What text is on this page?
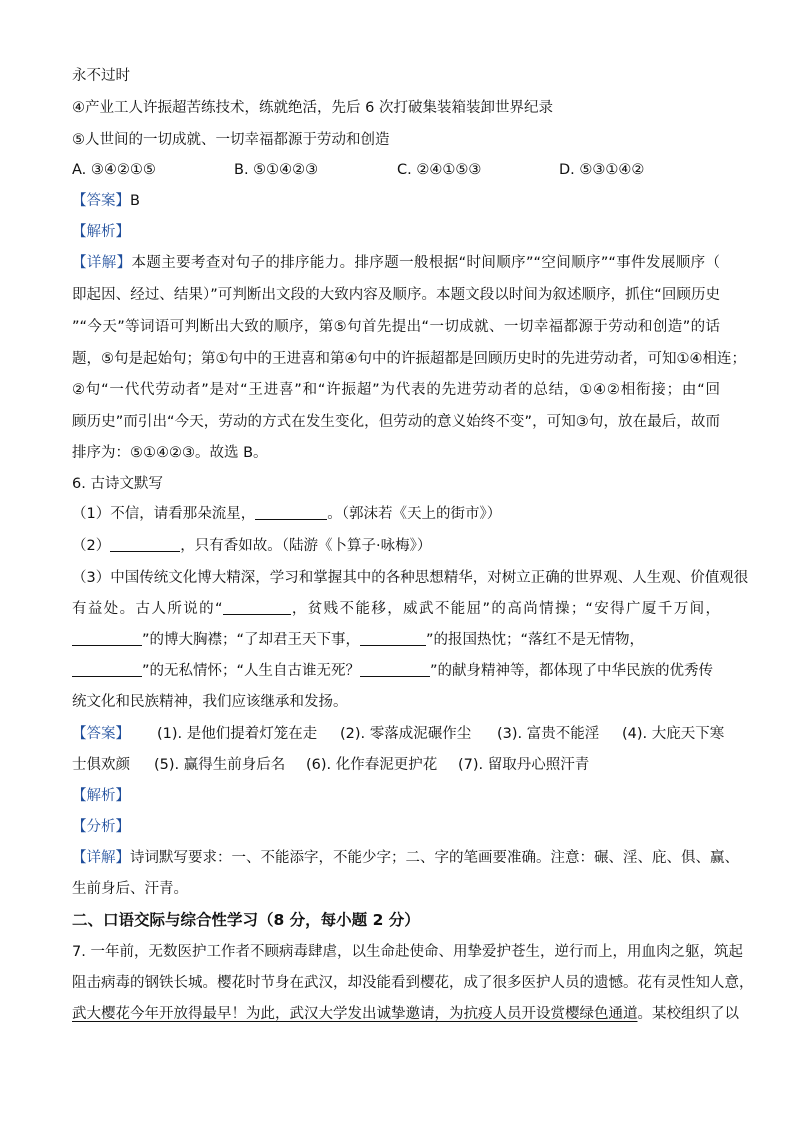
永不过时
④产业工人许振超苦练技术，练就绝活，先后 6 次打破集装箱装卸世界纪录
⑤人世间的一切成就、一切幸福都源于劳动和创造
A. ③④②①⑤	B. ⑤①④②③	C. ②④①⑤③	D. ⑤③①④②
【答案】B
【解析】
【详解】本题主要考查对句子的排序能力。排序题一般根据“时间顺序”“空间顺序”“事件发展顺序（
即起因、经过、结果）”可判断出文段的大致内容及顺序。本题文段以时间为叙述顺序，抓住“回顾历史
”“今天”等词语可判断出大致的顺序，第⑤句首先提出“一切成就、一切幸福都源于劳动和创造”的话
题，⑤句是起始句；第①句中的王进喜和第④句中的许振超都是回顾历史时的先进劳动者，可知①④相连；
②句“一代代劳动者”是对“王进喜”和“许振超”为代表的先进劳动者的总结，①④②相衔接；由“回
顾历史”而引出“今天，劳动的方式在发生变化，但劳动的意义始终不变”，可知③句，放在最后，故而
排序为：⑤①④②③。故选 B。
6. 古诗文默写
（1）不信，请看那朵流星，	。（郭沫若《天上的街市》）
（2）	，只有香如故。（陆游《卜算子·咏梅》）
（3）中国传统文化博大精深，学习和掌握其中的各种思想精华，对树立正确的世界观、人生观、价值观很
有益处。古人所说的“	，贫贱不能移，威武不能屈”的高尚情操；“安得广厦千万间，
”的博大胸襟；“了却君王天下事，	”的报国热忱；“落红不是无情物，
”的无私情怀；“人生自古谁无死？	”的献身精神等，都体现了中华民族的优秀传
统文化和民族精神，我们应该继承和发扬。
【答案】 (1). 是他们提着灯笼在走 (2). 零落成泥碾作尘 (3). 富贵不能淫 (4). 大庇天下寒
士俱欢颜 (5). 赢得生前身后名 (6). 化作春泥更护花 (7). 留取丹心照汗青
【解析】
【分析】
【详解】诗词默写要求：一、不能添字，不能少字；二、字的笔画要准确。注意：碾、淫、庇、俱、赢、
生前身后、汗青。
二、口语交际与综合性学习（8 分，每小题 2 分）
7. 一年前，无数医护工作者不顾病毒肆虐，以生命赴使命、用挚爱护苍生，逆行而上，用血肉之躯，筑起
阻击病毒的钢铁长城。樱花时节身在武汉，却没能看到樱花，成了很多医护人员的遗憾。花有灵性知人意，
武大樱花今年开放得最早！为此，武汉大学发出诚挚邀请，为抗疫人员开设赏樱绿色通道。某校组织了以
